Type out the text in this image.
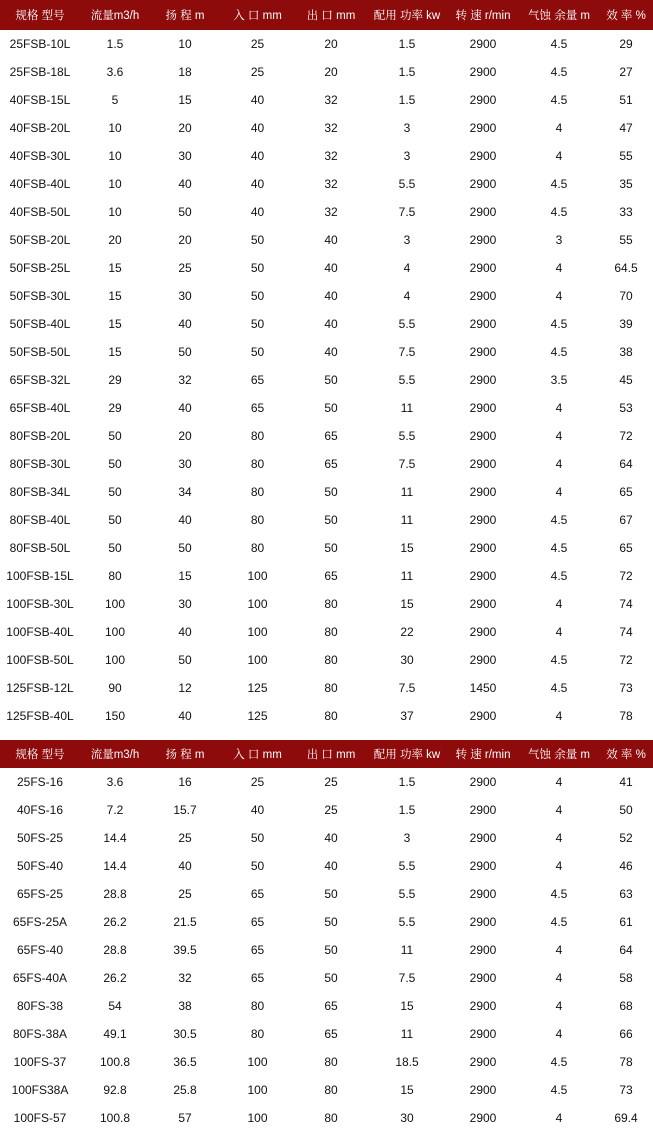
规格 型号	流量m3/h	扬 程 m	入 口 mm	出 口 mm	配用 功率 kw	转 速 r/min	气蚀 余量 m	效 率 %
25FSB-10L	1.5	10	25	20	1.5	2900	4.5	29
25FSB-18L	3.6	18	25	20	1.5	2900	4.5	27
40FSB-15L	5	15	40	32	1.5	2900	4.5	51
40FSB-20L	10	20	40	32	3	2900	4	47
40FSB-30L	10	30	40	32	3	2900	4	55
40FSB-40L	10	40	40	32	5.5	2900	4.5	35
40FSB-50L	10	50	40	32	7.5	2900	4.5	33
50FSB-20L	20	20	50	40	3	2900	3	55
50FSB-25L	15	25	50	40	4	2900	4	64.5
50FSB-30L	15	30	50	40	4	2900	4	70
50FSB-40L	15	40	50	40	5.5	2900	4.5	39
50FSB-50L	15	50	50	40	7.5	2900	4.5	38
65FSB-32L	29	32	65	50	5.5	2900	3.5	45
65FSB-40L	29	40	65	50	11	2900	4	53
80FSB-20L	50	20	80	65	5.5	2900	4	72
80FSB-30L	50	30	80	65	7.5	2900	4	64
80FSB-34L	50	34	80	50	11	2900	4	65
80FSB-40L	50	40	80	50	11	2900	4.5	67
80FSB-50L	50	50	80	50	15	2900	4.5	65
100FSB-15L	80	15	100	65	11	2900	4.5	72
100FSB-30L	100	30	100	80	15	2900	4	74
100FSB-40L	100	40	100	80	22	2900	4	74
100FSB-50L	100	50	100	80	30	2900	4.5	72
125FSB-12L	90	12	125	80	7.5	1450	4.5	73
125FSB-40L	150	40	125	80	37	2900	4	78
规格 型号	流量m3/h	扬 程 m	入 口 mm	出 口 mm	配用 功率 kw	转 速 r/min	气蚀 余量 m	效 率 %
25FS-16	3.6	16	25	25	1.5	2900	4	41
40FS-16	7.2	15.7	40	25	1.5	2900	4	50
50FS-25	14.4	25	50	40	3	2900	4	52
50FS-40	14.4	40	50	40	5.5	2900	4	46
65FS-25	28.8	25	65	50	5.5	2900	4.5	63
65FS-25A	26.2	21.5	65	50	5.5	2900	4.5	61
65FS-40	28.8	39.5	65	50	11	2900	4	64
65FS-40A	26.2	32	65	50	7.5	2900	4	58
80FS-38	54	38	80	65	15	2900	4	68
80FS-38A	49.1	30.5	80	65	11	2900	4	66
100FS-37	100.8	36.5	100	80	18.5	2900	4.5	78
100FS38A	92.8	25.8	100	80	15	2900	4.5	73
100FS-57	100.8	57	100	80	30	2900	4	69.4
